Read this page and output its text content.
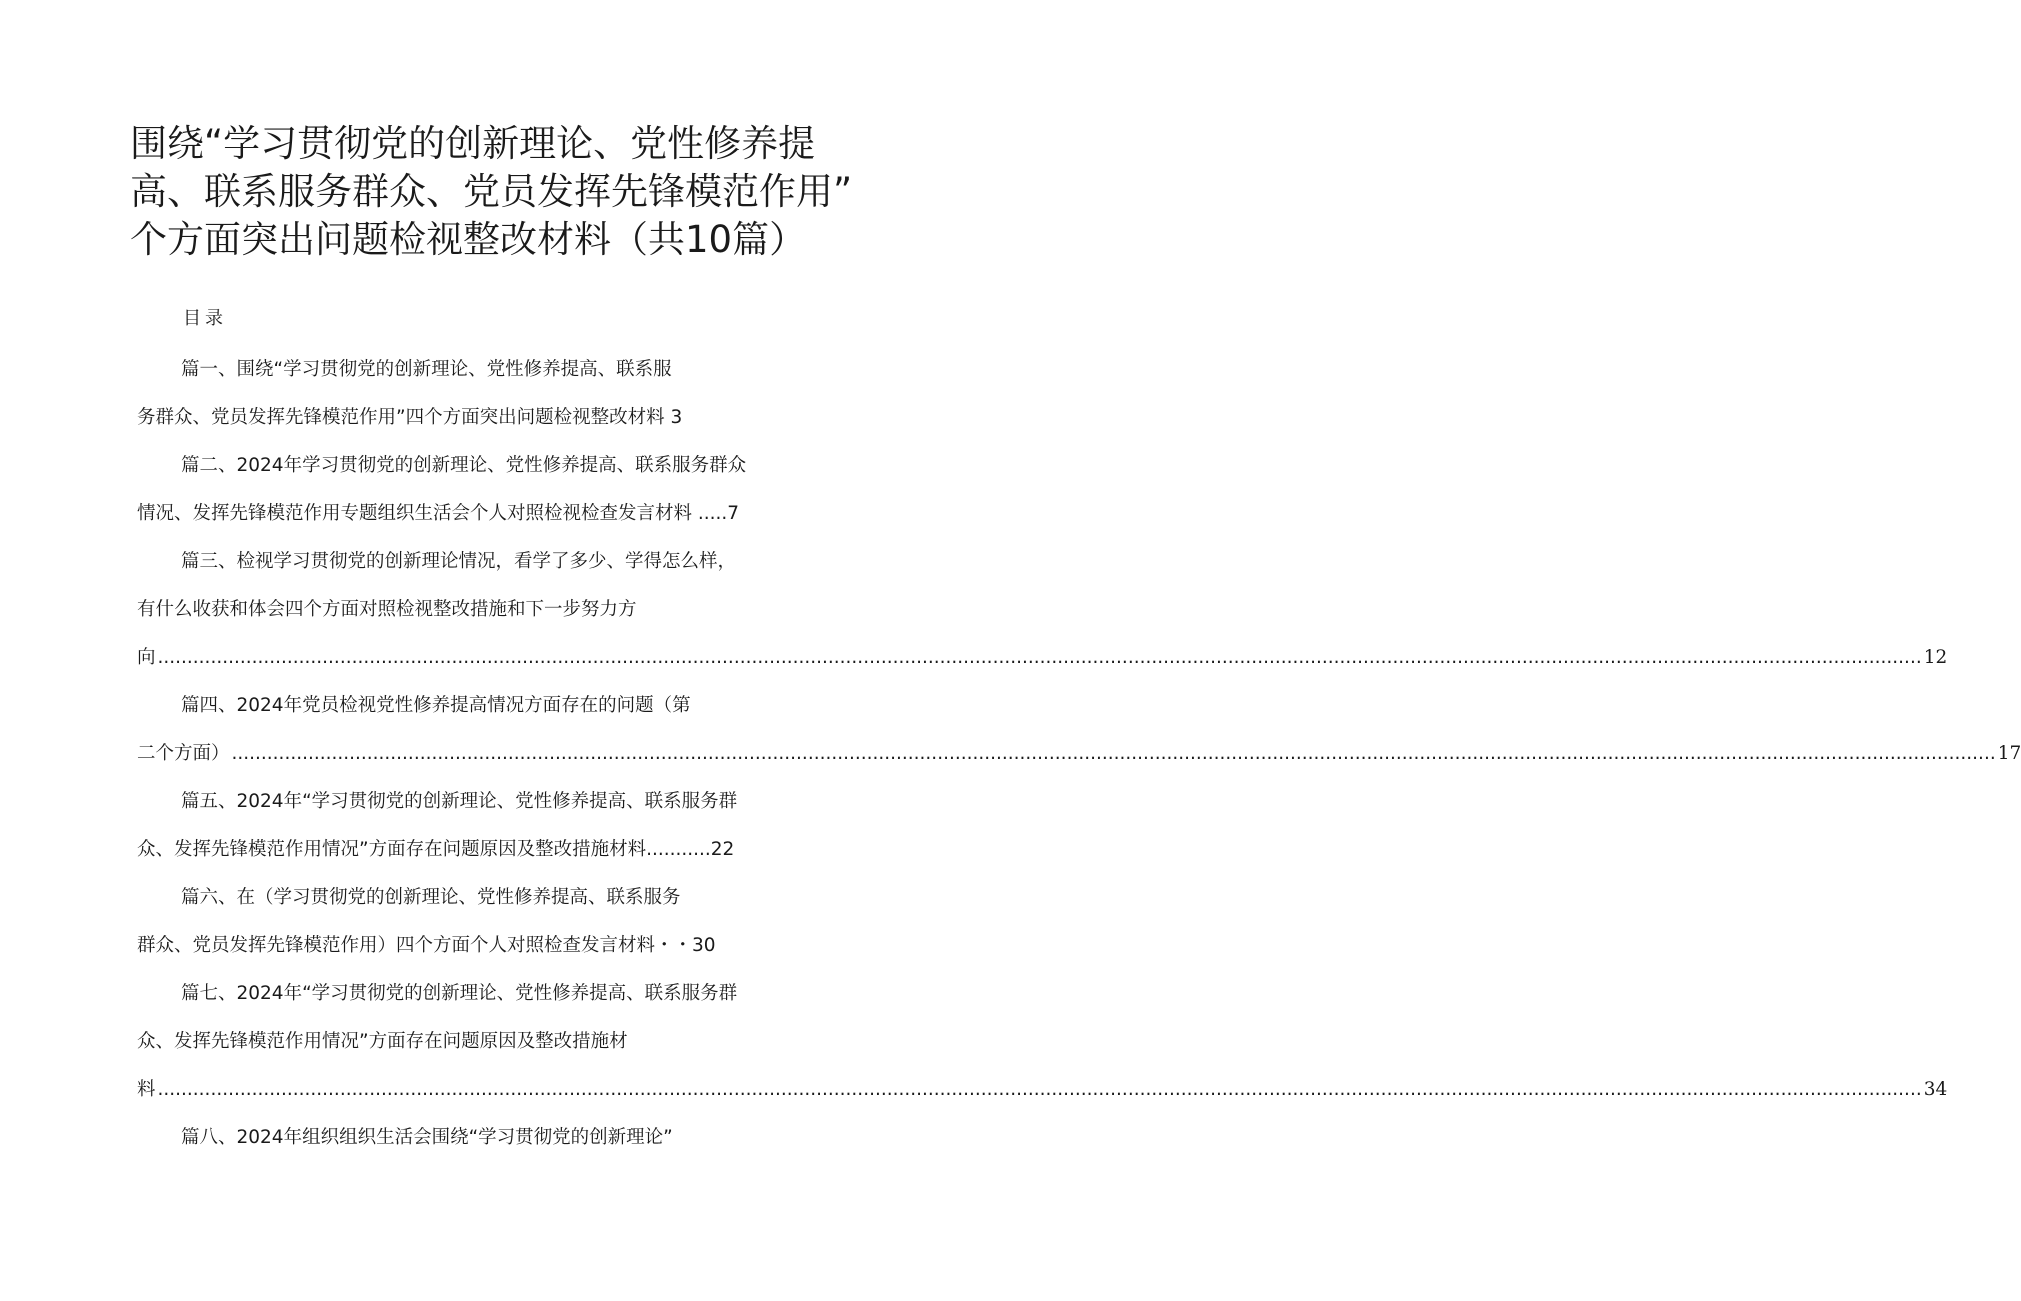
围绕“学习贯彻党的创新理论、党性修养提
高、联系服务群众、党员发挥先锋模范作用”
个方面突出问题检视整改材料（共10篇）
目录
篇一、围绕“学习贯彻党的创新理论、党性修养提高、联系服
务群众、党员发挥先锋模范作用”四个方面突出问题检视整改材料 3
篇二、2024年学习贯彻党的创新理论、党性修养提高、联系服务群众
情况、发挥先锋模范作用专题组织生活会个人对照检视检查发言材料 .....7
篇三、检视学习贯彻党的创新理论情况，看学了多少、学得怎么样，
有什么收获和体会四个方面对照检视整改措施和下一步努力方
向 ............................................................................................................................................................................................................................................................................................................ 12
篇四、2024年党员检视党性修养提高情况方面存在的问题（第
二个方面） ............................................................................................................................................................................................................................................................................................................ 17
篇五、2024年“学习贯彻党的创新理论、党性修养提高、联系服务群
众、发挥先锋模范作用情况”方面存在问题原因及整改措施材料...........22
篇六、在（学习贯彻党的创新理论、党性修养提高、联系服务
群众、党员发挥先锋模范作用）四个方面个人对照检查发言材料・・30
篇七、2024年“学习贯彻党的创新理论、党性修养提高、联系服务群
众、发挥先锋模范作用情况”方面存在问题原因及整改措施材
料 ............................................................................................................................................................................................................................................................................................................ 34
篇八、2024年组织组织生活会围绕“学习贯彻党的创新理论”
